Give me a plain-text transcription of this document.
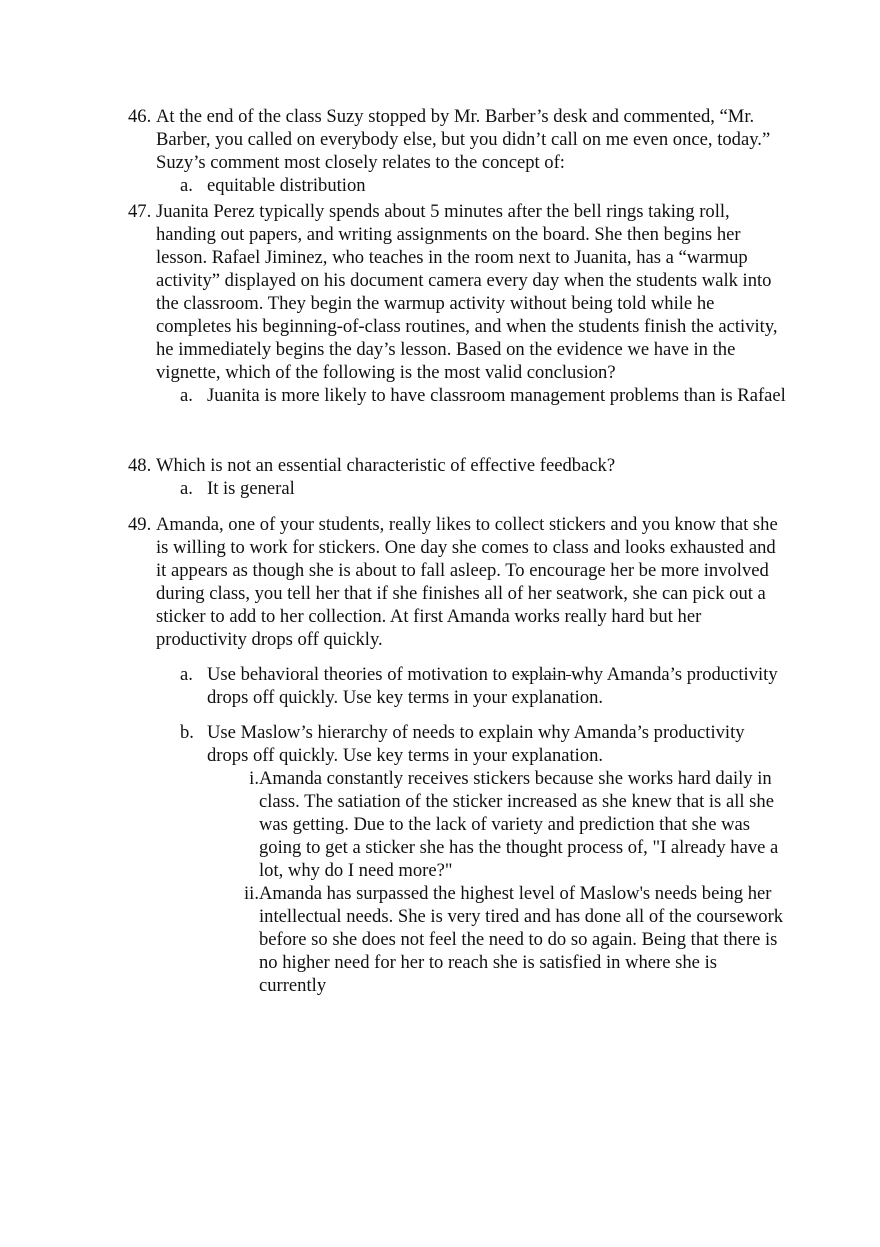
46. At the end of the class Suzy stopped by Mr. Barber’s desk and commented, “Mr. Barber, you called on everybody else, but you didn’t call on me even once, today.” Suzy’s comment most closely relates to the concept of:
a. equitable distribution
47. Juanita Perez typically spends about 5 minutes after the bell rings taking roll, handing out papers, and writing assignments on the board. She then begins her lesson. Rafael Jiminez, who teaches in the room next to Juanita, has a “warmup activity” displayed on his document camera every day when the students walk into the classroom. They begin the warmup activity without being told while he completes his beginning-of-class routines, and when the students finish the activity, he immediately begins the day’s lesson. Based on the evidence we have in the vignette, which of the following is the most valid conclusion?
a. Juanita is more likely to have classroom management problems than is Rafael
48. Which is not an essential characteristic of effective feedback?
a. It is general
49. Amanda, one of your students, really likes to collect stickers and you know that she is willing to work for stickers. One day she comes to class and looks exhausted and it appears as though she is about to fall asleep. To encourage her be more involved during class, you tell her that if she finishes all of her seatwork, she can pick out a sticker to add to her collection. At first Amanda works really hard but her productivity drops off quickly.
a. Use behavioral theories of motivation to explain why Amanda’s productivity drops off quickly. Use key terms in your explanation.
b. Use Maslow’s hierarchy of needs to explain why Amanda’s productivity drops off quickly. Use key terms in your explanation.
i. Amanda constantly receives stickers because she works hard daily in class. The satiation of the sticker increased as she knew that is all she was getting. Due to the lack of variety and prediction that she was going to get a sticker she has the thought process of, "I already have a lot, why do I need more?"
ii. Amanda has surpassed the highest level of Maslow's needs being her intellectual needs. She is very tired and has done all of the coursework before so she does not feel the need to do so again. Being that there is no higher need for her to reach she is satisfied in where she is currently
